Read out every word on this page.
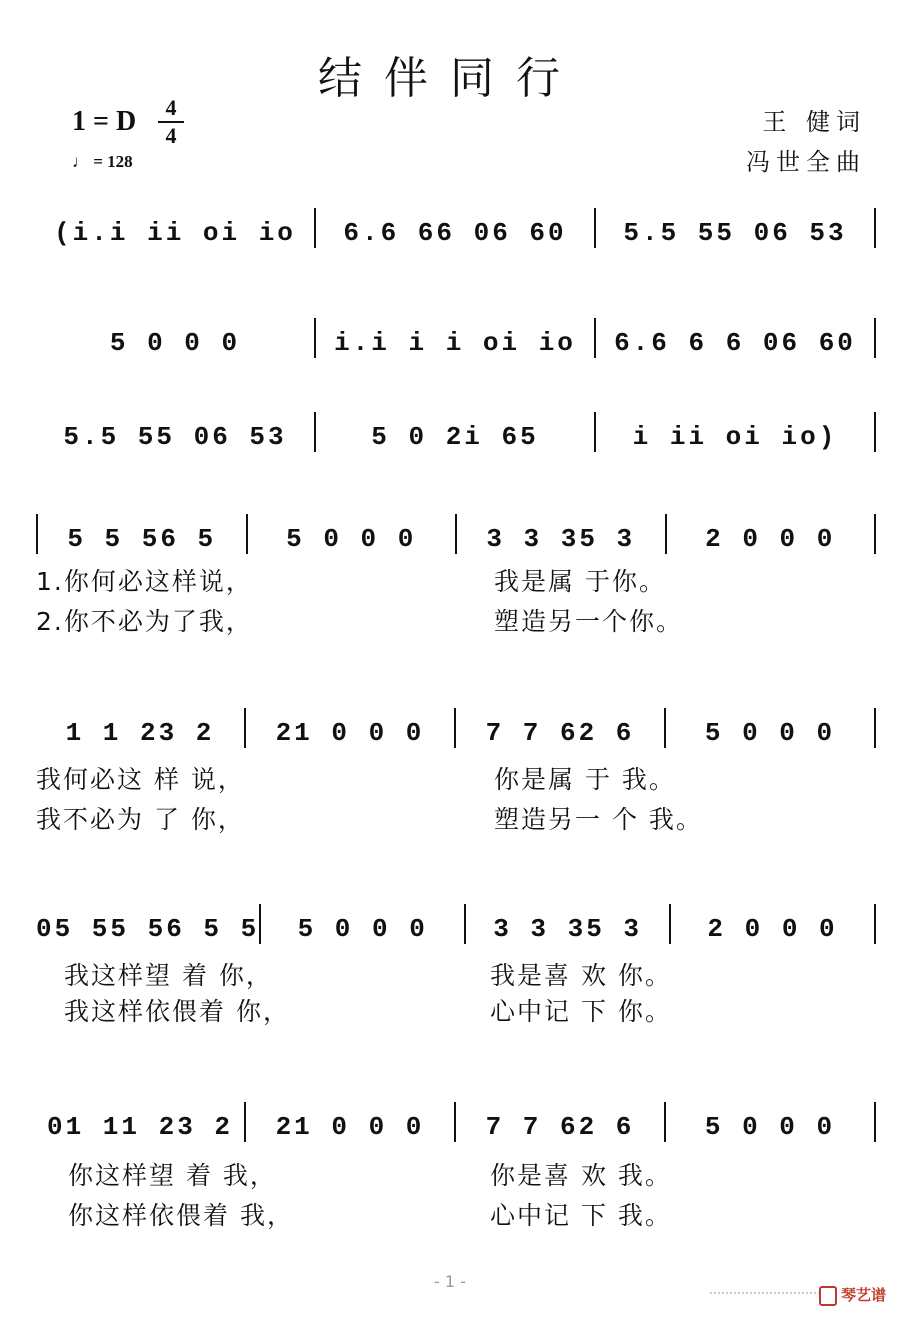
结伴同行
1 = D	4
4
♩ = 128
王 健词
冯世全曲
(i.i ii oi io	6.6 66 06 60	5.5 55 06 53
5 0 0 0	i.i i i oi io	6.6 6 6 06 60
5.5 55 06 53	5 0 2i 65	i ii oi io)
5 5 56 5	5 0 0 0	3 3 35 3	2 0 0 0
1.你何必这样说，	我是属 于你。
2.你不必为了我，	塑造另一个你。
1 1 23 2	21 0 0 0	7 7 62 6	5 0 0 0
我何必这 样 说，	你是属 于 我。
我不必为 了 你，	塑造另一 个 我。
05 55 56 5 5	5 0 0 0	3 3 35 3	2 0 0 0
我这样望 着 你，	我是喜 欢 你。
我这样依偎着 你，	心中记 下 你。
01 11 23 2	21 0 0 0	7 7 62 6	5 0 0 0
你这样望 着 我，	你是喜 欢 我。
你这样依偎着 我，	心中记 下 我。
- 1 -
琴艺谱
